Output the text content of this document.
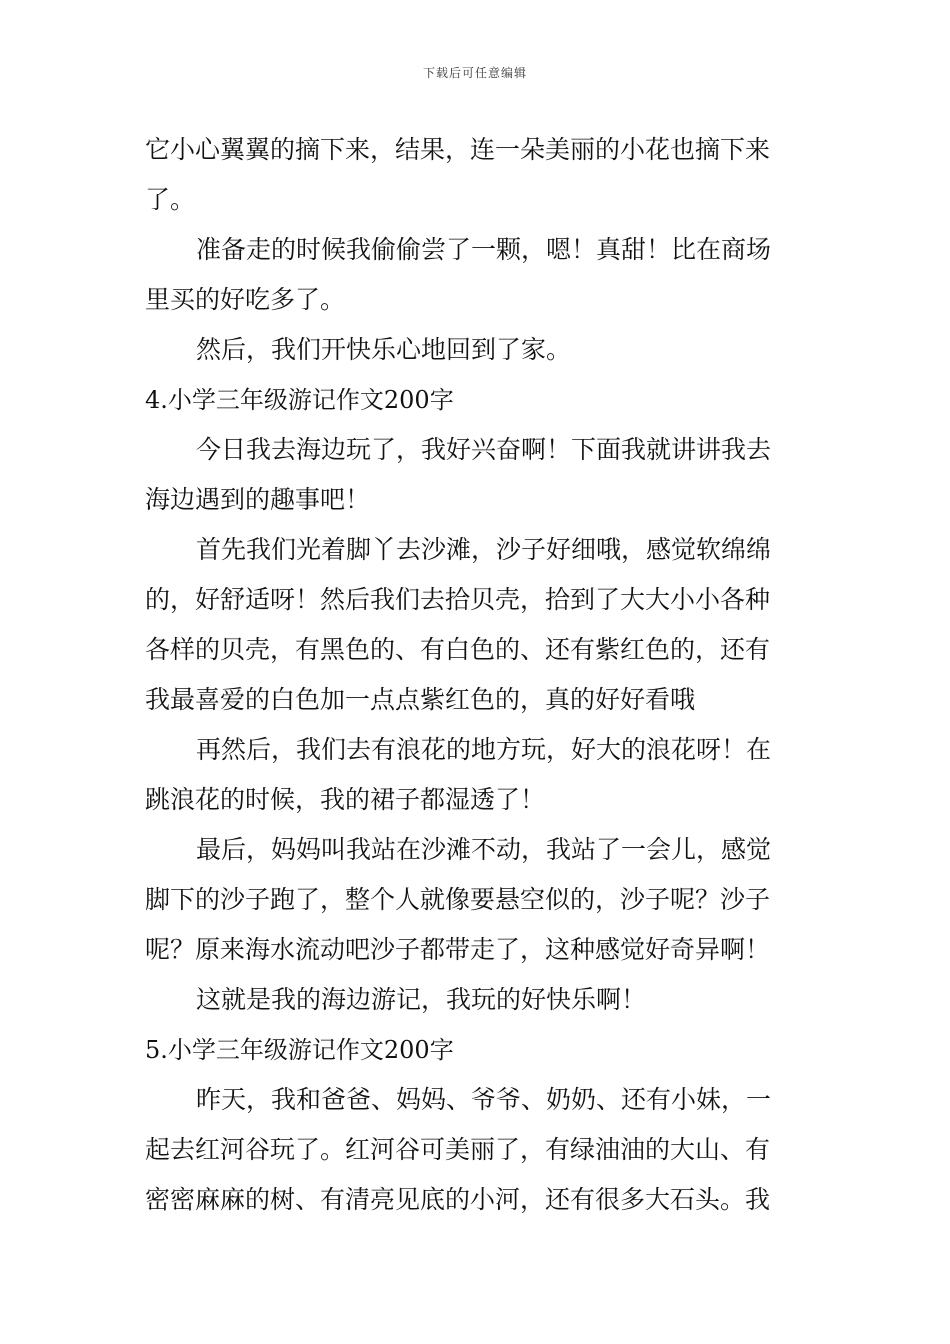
下载后可任意编辑
它小心翼翼的摘下来，结果，连一朵美丽的小花也摘下来
了。
准备走的时候我偷偷尝了一颗，嗯！真甜！比在商场
里买的好吃多了。
然后，我们开快乐心地回到了家。
4.小学三年级游记作文200字
今日我去海边玩了，我好兴奋啊！下面我就讲讲我去
海边遇到的趣事吧！
首先我们光着脚丫去沙滩，沙子好细哦，感觉软绵绵
的，好舒适呀！然后我们去拾贝壳，拾到了大大小小各种
各样的贝壳，有黑色的、有白色的、还有紫红色的，还有
我最喜爱的白色加一点点紫红色的，真的好好看哦
再然后，我们去有浪花的地方玩，好大的浪花呀！在
跳浪花的时候，我的裙子都湿透了！
最后，妈妈叫我站在沙滩不动，我站了一会儿，感觉
脚下的沙子跑了，整个人就像要悬空似的，沙子呢？沙子
呢？原来海水流动吧沙子都带走了，这种感觉好奇异啊！
这就是我的海边游记，我玩的好快乐啊！
5.小学三年级游记作文200字
昨天，我和爸爸、妈妈、爷爷、奶奶、还有小妹，一
起去红河谷玩了。红河谷可美丽了，有绿油油的大山、有
密密麻麻的树、有清亮见底的小河，还有很多大石头。我
